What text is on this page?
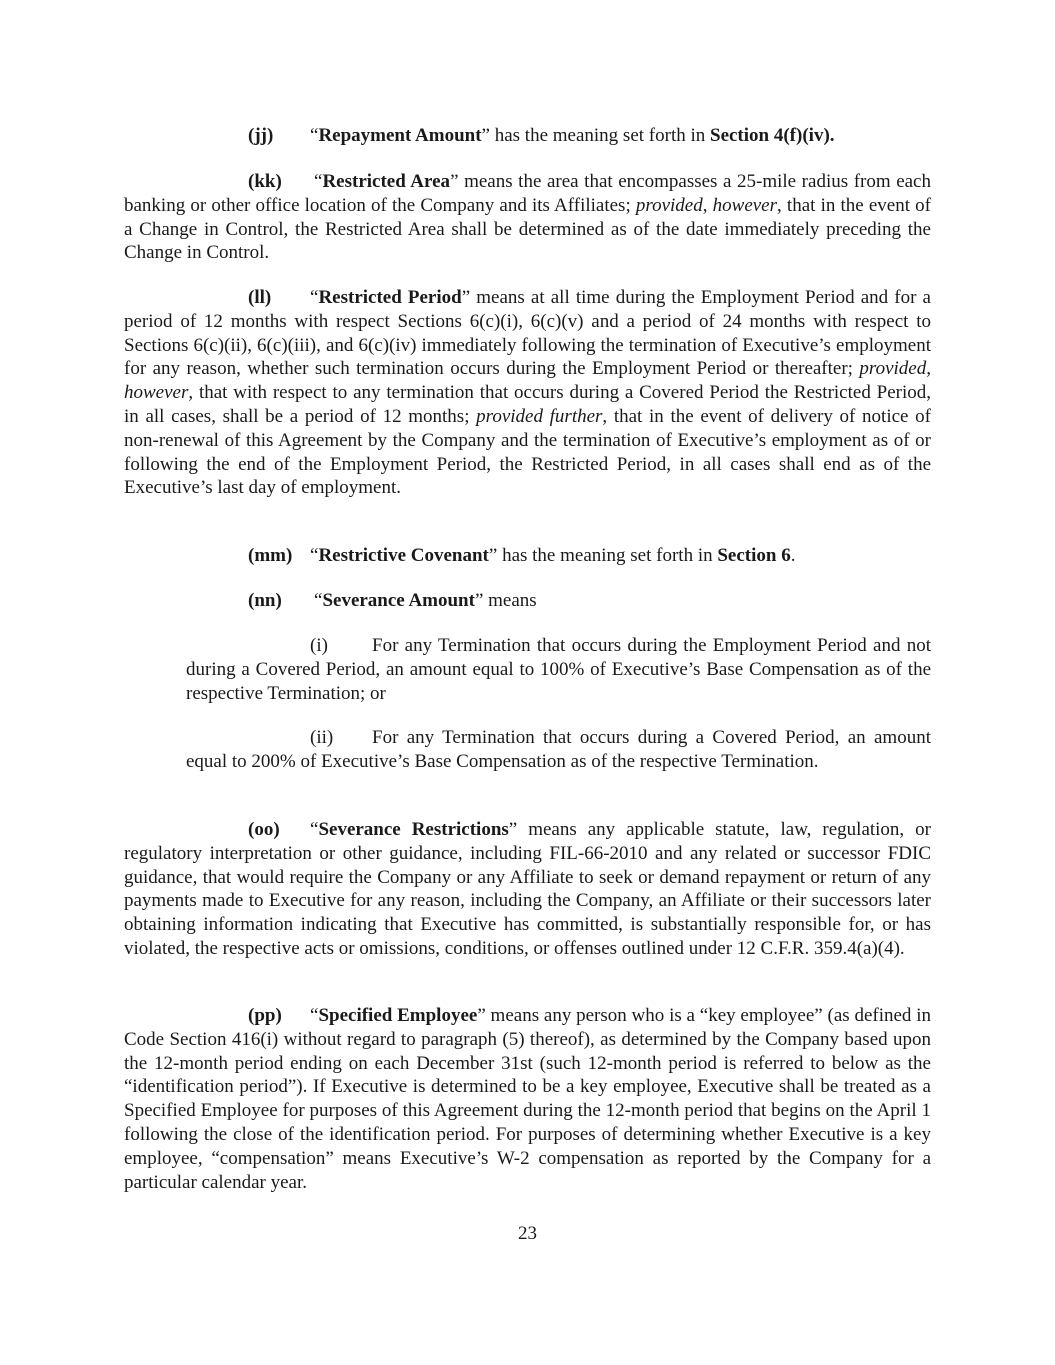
(jj) “Repayment Amount” has the meaning set forth in Section 4(f)(iv).

(kk) “Restricted Area” means the area that encompasses a 25-mile radius from each banking or other office location of the Company and its Affiliates; provided, however, that in the event of a Change in Control, the Restricted Area shall be determined as of the date immediately preceding the Change in Control.

(ll) “Restricted Period” means at all time during the Employment Period and for a period of 12 months with respect Sections 6(c)(i), 6(c)(v) and a period of 24 months with respect to Sections 6(c)(ii), 6(c)(iii), and 6(c)(iv) immediately following the termination of Executive’s employment for any reason, whether such termination occurs during the Employment Period or thereafter; provided, however, that with respect to any termination that occurs during a Covered Period the Restricted Period, in all cases, shall be a period of 12 months; provided further, that in the event of delivery of notice of non-renewal of this Agreement by the Company and the termination of Executive’s employment as of or following the end of the Employment Period, the Restricted Period, in all cases shall end as of the Executive’s last day of employment.

(mm) “Restrictive Covenant” has the meaning set forth in Section 6.

(nn) “Severance Amount” means

(i) For any Termination that occurs during the Employment Period and not during a Covered Period, an amount equal to 100% of Executive’s Base Compensation as of the respective Termination; or

(ii) For any Termination that occurs during a Covered Period, an amount equal to 200% of Executive’s Base Compensation as of the respective Termination.

(oo) “Severance Restrictions” means any applicable statute, law, regulation, or regulatory interpretation or other guidance, including FIL-66-2010 and any related or successor FDIC guidance, that would require the Company or any Affiliate to seek or demand repayment or return of any payments made to Executive for any reason, including the Company, an Affiliate or their successors later obtaining information indicating that Executive has committed, is substantially responsible for, or has violated, the respective acts or omissions, conditions, or offenses outlined under 12 C.F.R. 359.4(a)(4).

(pp) “Specified Employee” means any person who is a “key employee” (as defined in Code Section 416(i) without regard to paragraph (5) thereof), as determined by the Company based upon the 12-month period ending on each December 31st (such 12-month period is referred to below as the “identification period”). If Executive is determined to be a key employee, Executive shall be treated as a Specified Employee for purposes of this Agreement during the 12-month period that begins on the April 1 following the close of the identification period. For purposes of determining whether Executive is a key employee, “compensation” means Executive’s W-2 compensation as reported by the Company for a particular calendar year.

23
